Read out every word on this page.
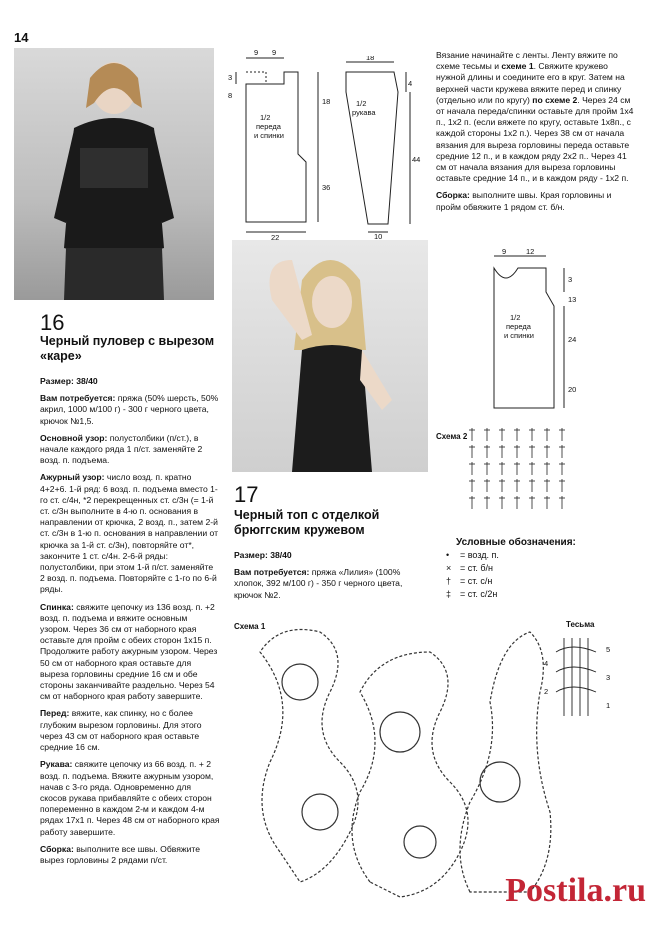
14
16
Черный пуловер с вырезом «каре»

Размер: 38/40

Вам потребуется: пряжа (50% шерсть, 50% акрил, 1000 м/100 г) - 300 г черного цвета, крючок №1,5.

Основной узор: полустолбики (п/ст.), в начале каждого ряда 1 п/ст. заменяйте 2 возд. п. подъема.

Ажурный узор: число возд. п. кратно 4+2+6. 1-й ряд: 6 возд. п. подъема вместо 1-го ст. с/4н, *2 перекрещенных ст. с/3н (= 1-й ст. с/3н выполните в 4-ю п. основания в направлении от крючка, 2 возд. п., затем 2-й ст. с/3н в 1-ю п. основания в направлении от крючка за 1-й ст. с/3н), повторяйте от*, закончите 1 ст. с/4н. 2-6-й ряды: полустолбики, при этом 1-й п/ст. заменяйте 2 возд. п. подъема. Повторяйте с 1-го по 6-й ряды.

Спинка: свяжите цепочку из 136 возд. п. +2 возд. п. подъема и вяжите основным узором. Через 36 см от наборного края оставьте для пройм с обеих сторон 1x15 п. Продолжите работу ажурным узором. Через 50 см от наборного края оставьте для выреза горловины средние 16 см и обе стороны заканчивайте раздельно. Через 54 см от наборного края работу завершите.

Перед: вяжите, как спинку, но с более глубоким вырезом горловины. Для этого через 43 см от наборного края оставьте средние 16 см.

Рукава: свяжите цепочку из 66 возд. п. + 2 возд. п. подъема. Вяжите ажурным узором, начав с 3-го ряда. Одновременно для скосов рукава прибавляйте с обеих сторон попеременно в каждом 2-м и каждом 4-м рядах 17x1 п. Через 48 см от наборного края работу завершите.

Сборка: выполните все швы. Обвяжите вырез горловины 2 рядами п/ст.

9 9
3
8
18
36
22
1/2
переда
и спинки
18
4
44
10
1/2
рукава

Вязание начинайте с ленты. Ленту вяжите по схеме тесьмы и схеме 1. Свяжите кружево нужной длины и соедините его в круг. Затем на верхней части кружева вяжите перед и спинку (отдельно или по кругу) по схеме 2. Через 24 см от начала переда/спинки оставьте для пройм 1x4 п., 1x2 п. (если вяжете по кругу, оставьте 1x8п., с каждой стороны 1x2 п.). Через 38 см от начала вязания для выреза горловины переда оставьте средние 12 п., и в каждом ряду 2x2 п.. Через 41 см от начала вязания для выреза горловины оставьте средние 14 п., и в каждом ряду - 1x2 п.

Сборка: выполните швы. Края горловины и пройм обвяжите 1 рядом ст. б/н.

9	12
3
13
24
20
1/2
переда
и спинки
Схема 2
Условные обозначения:
• = возд. п.
× = ст. б/н
† = ст. с/н
‡ = ст. с/2н
17
Черный топ с отделкой брюггским кружевом

Размер: 38/40

Вам потребуется: пряжа «Лилия» (100% хлопок, 392 м/100 г) - 350 г черного цвета, крючок №2.

Схема 1	Тесьма
4
2
5
3
1
Postila.ru
